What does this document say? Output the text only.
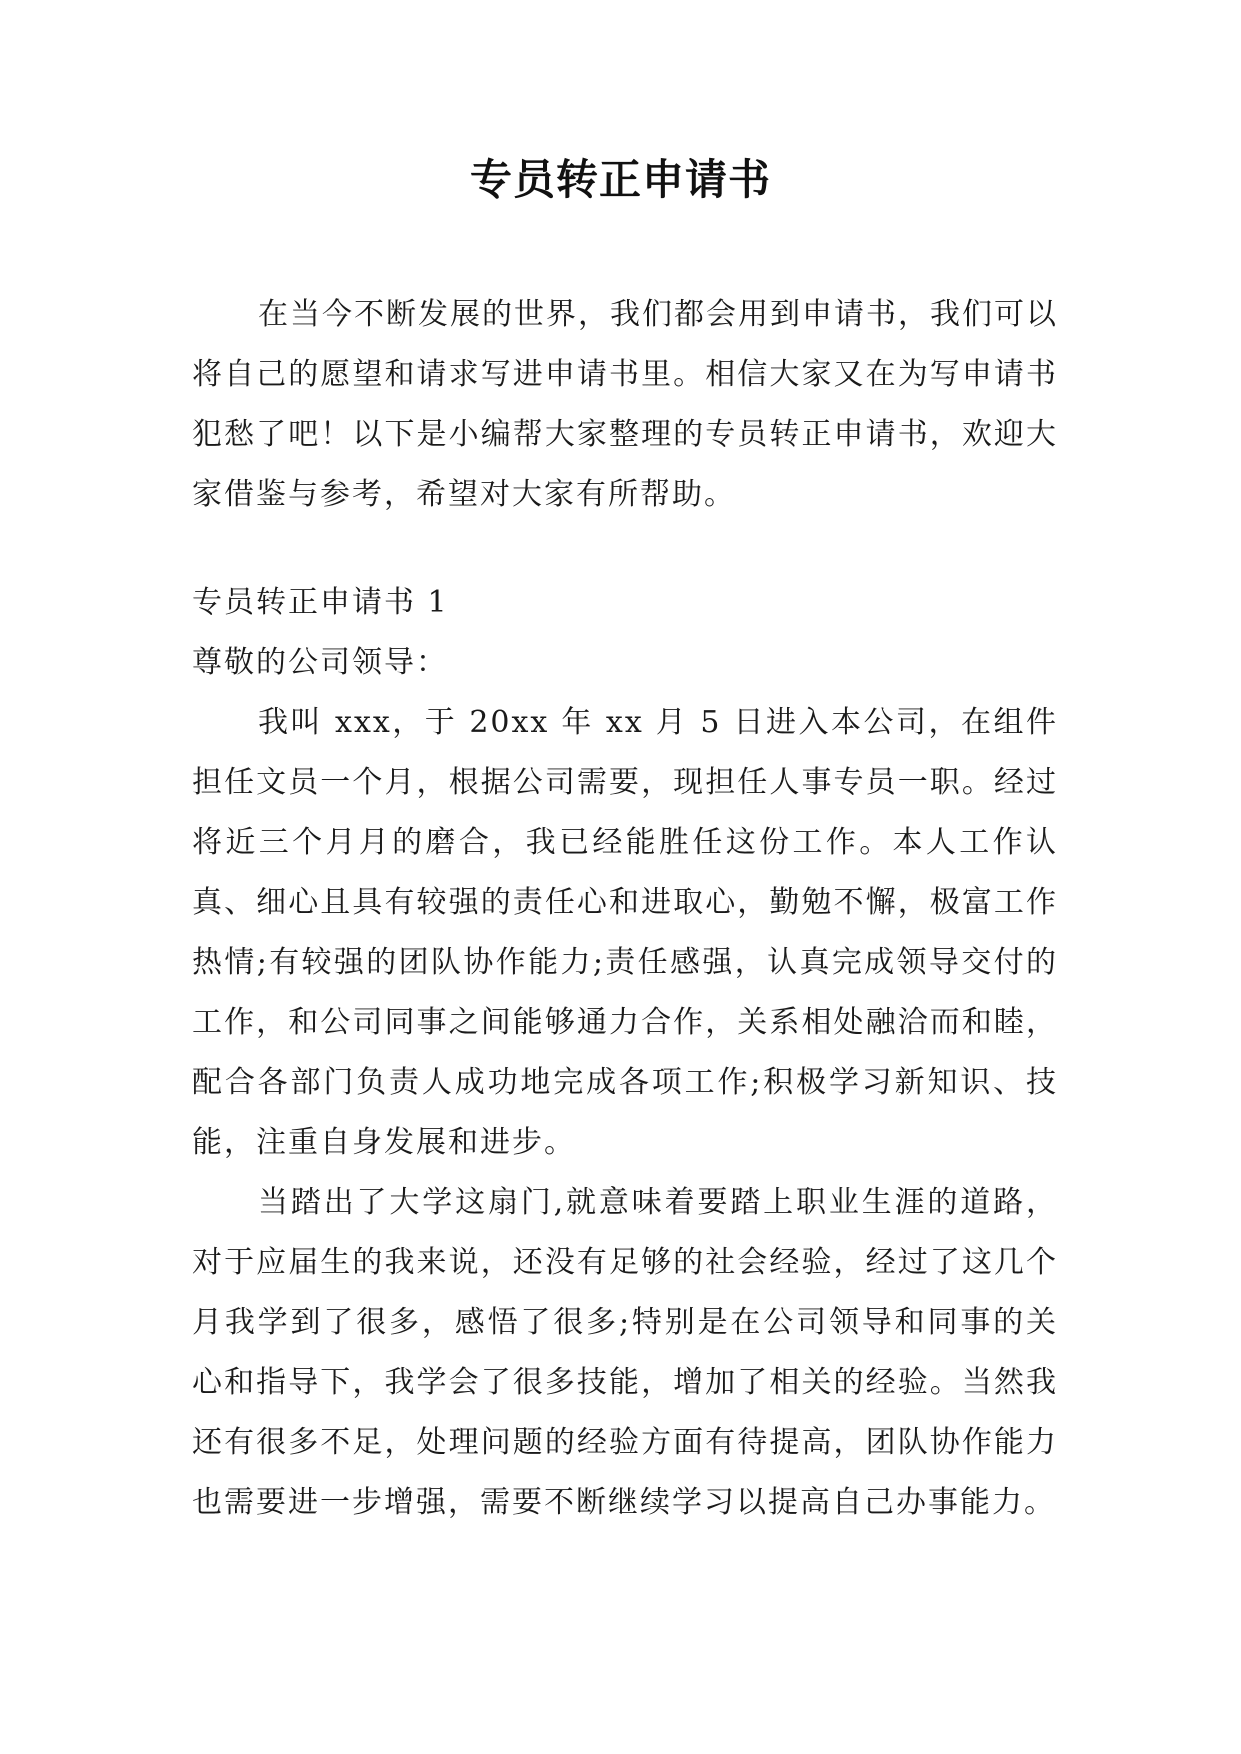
专员转正申请书

在当今不断发展的世界，我们都会用到申请书，我们可以将自己的愿望和请求写进申请书里。相信大家又在为写申请书犯愁了吧！以下是小编帮大家整理的专员转正申请书，欢迎大家借鉴与参考，希望对大家有所帮助。

专员转正申请书 1
尊敬的公司领导：

我叫 xxx，于 20xx 年 xx 月 5 日进入本公司，在组件担任文员一个月，根据公司需要，现担任人事专员一职。经过将近三个月月的磨合，我已经能胜任这份工作。本人工作认真、细心且具有较强的责任心和进取心，勤勉不懈，极富工作热情;有较强的团队协作能力;责任感强，认真完成领导交付的工作，和公司同事之间能够通力合作，关系相处融洽而和睦，配合各部门负责人成功地完成各项工作;积极学习新知识、技能，注重自身发展和进步。

当踏出了大学这扇门,就意味着要踏上职业生涯的道路，对于应届生的我来说，还没有足够的社会经验，经过了这几个月我学到了很多，感悟了很多;特别是在公司领导和同事的关心和指导下，我学会了很多技能，增加了相关的经验。当然我还有很多不足，处理问题的经验方面有待提高，团队协作能力也需要进一步增强，需要不断继续学习以提高自己办事能力。
